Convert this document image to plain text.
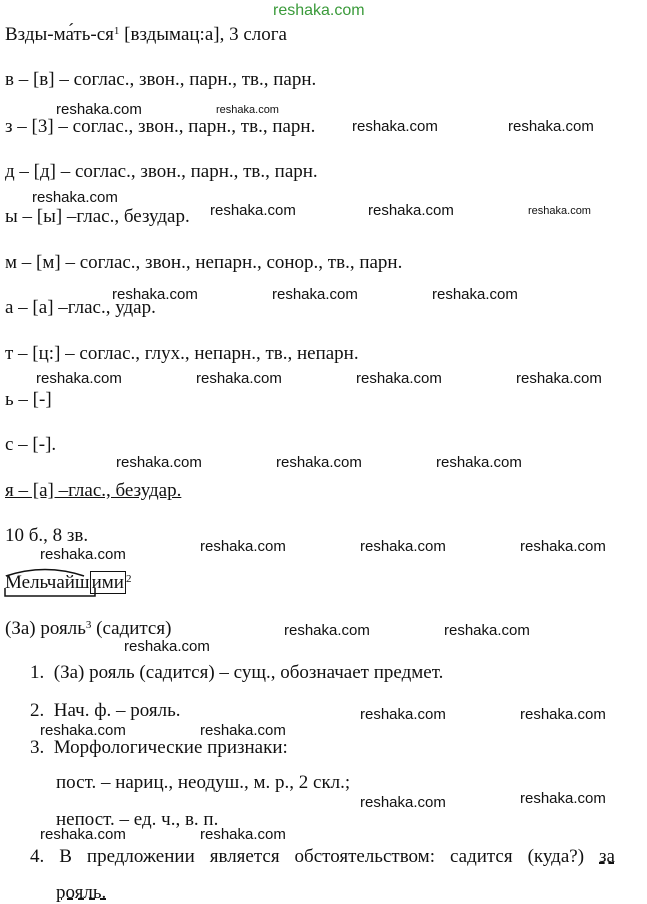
reshaka.com
reshaka.com	reshaka.com
reshaka.com	reshaka.com
reshaka.com
reshaka.com	reshaka.com	reshaka.com
reshaka.com	reshaka.com	reshaka.com
reshaka.com	reshaka.com	reshaka.com	reshaka.com
reshaka.com	reshaka.com	reshaka.com
reshaka.com	reshaka.com	reshaka.com	reshaka.com
reshaka.com
reshaka.com	reshaka.com
reshaka.com	reshaka.com
reshaka.com	reshaka.com
reshaka.com	reshaka.com
reshaka.com	reshaka.com
Взды-$ма́ть-ся^1$ [вздымац:а], 3 слога
в – [в] – соглас., звон., парн., тв., парн.
з – [3] – соглас., звон., парн., тв., парн.
д – [д] – соглас., звон., парн., тв., парн.
ы – [ы] –глас., безудар.
м – [м] – соглас., звон., непарн., сонор., тв., парн.
а – [а] –глас., удар.
т – [ц:] – соглас., глух., непарн., тв., непарн.
ь – [-]
с – [-].
я – [а] –глас., безудар.
10 б., 8 зв.
Мельчайш ими $^2$
(За) рояль$^3$ (садится)
1. (За) рояль (садится) – сущ., обозначает предмет.
2. Нач. ф. – рояль.
3. Морфологические признаки:
пост. – нариц., неодуш., м. р., 2 скл.;
непост. – ед. ч., в. п.
4. В предложении является обстоятельством: садится (куда?) за
рояль.
